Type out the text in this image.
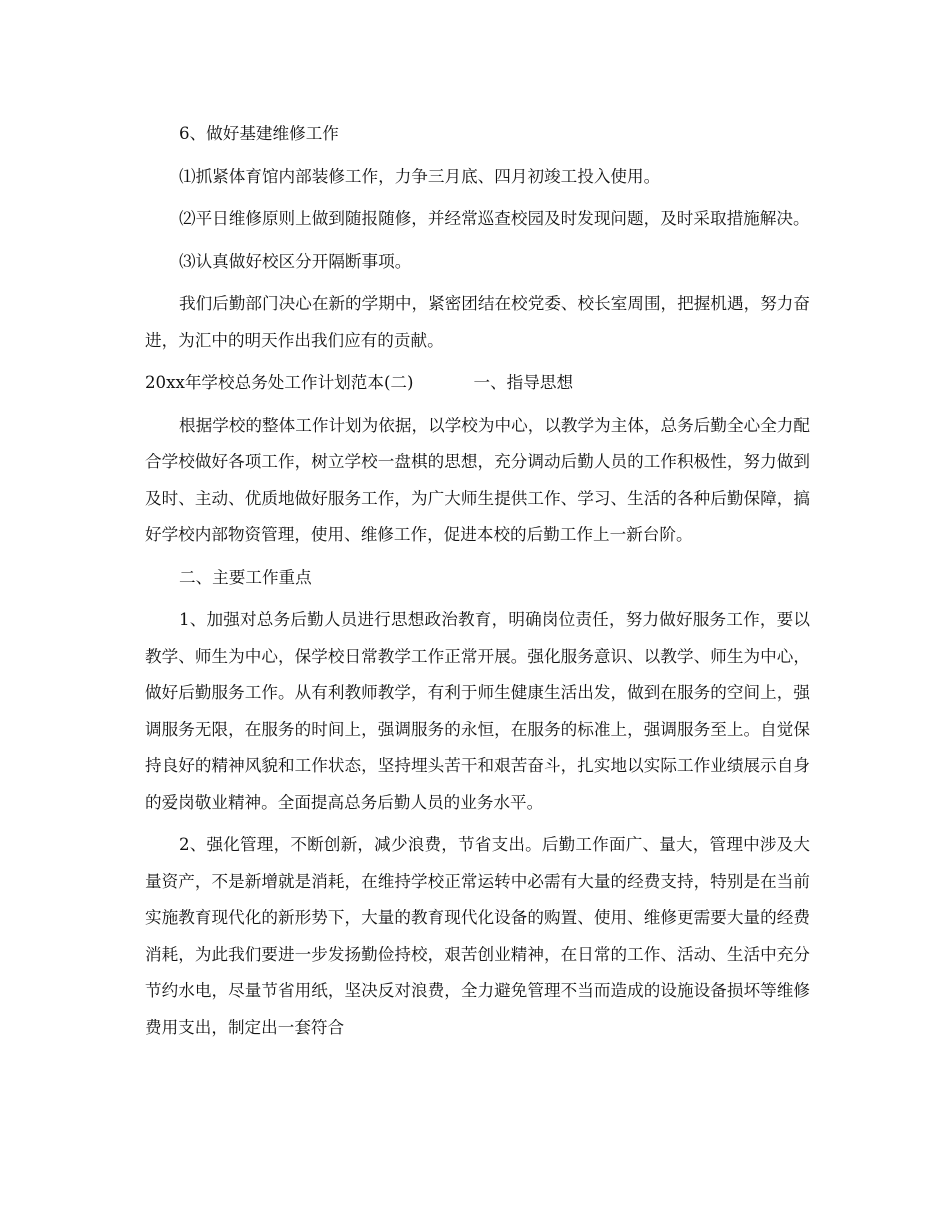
6、做好基建维修工作

⑴抓紧体育馆内部装修工作，力争三月底、四月初竣工投入使用。

⑵平日维修原则上做到随报随修，并经常巡查校园及时发现问题，及时采取措施解决。

⑶认真做好校区分开隔断事项。

我们后勤部门决心在新的学期中，紧密团结在校党委、校长室周围，把握机遇，努力奋进，为汇中的明天作出我们应有的贡献。

20xx年学校总务处工作计划范本(二)	一、指导思想

根据学校的整体工作计划为依据，以学校为中心，以教学为主体，总务后勤全心全力配合学校做好各项工作，树立学校一盘棋的思想，充分调动后勤人员的工作积极性，努力做到及时、主动、优质地做好服务工作，为广大师生提供工作、学习、生活的各种后勤保障，搞好学校内部物资管理，使用、维修工作，促进本校的后勤工作上一新台阶。

二、主要工作重点

1、加强对总务后勤人员进行思想政治教育，明确岗位责任，努力做好服务工作，要以教学、师生为中心，保学校日常教学工作正常开展。强化服务意识、以教学、师生为中心，做好后勤服务工作。从有利教师教学，有利于师生健康生活出发，做到在服务的空间上，强调服务无限，在服务的时间上，强调服务的永恒，在服务的标准上，强调服务至上。自觉保持良好的精神风貌和工作状态，坚持埋头苦干和艰苦奋斗，扎实地以实际工作业绩展示自身的爱岗敬业精神。全面提高总务后勤人员的业务水平。

2、强化管理，不断创新，减少浪费，节省支出。后勤工作面广、量大，管理中涉及大量资产，不是新增就是消耗，在维持学校正常运转中必需有大量的经费支持，特别是在当前实施教育现代化的新形势下，大量的教育现代化设备的购置、使用、维修更需要大量的经费消耗，为此我们要进一步发扬勤俭持校，艰苦创业精神，在日常的工作、活动、生活中充分节约水电，尽量节省用纸，坚决反对浪费，全力避免管理不当而造成的设施设备损坏等维修费用支出，制定出一套符合
